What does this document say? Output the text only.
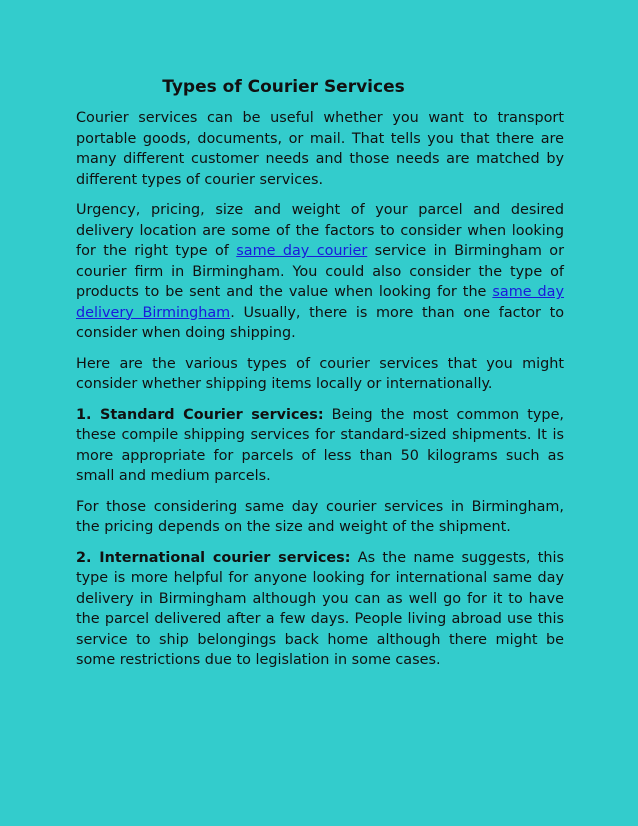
Types of Courier Services

Courier services can be useful whether you want to transport portable goods, documents, or mail. That tells you that there are many different customer needs and those needs are matched by different types of courier services.

Urgency, pricing, size and weight of your parcel and desired delivery location are some of the factors to consider when looking for the right type of same day courier service in Birmingham or courier firm in Birmingham. You could also consider the type of products to be sent and the value when looking for the same day delivery Birmingham. Usually, there is more than one factor to consider when doing shipping.

Here are the various types of courier services that you might consider whether shipping items locally or internationally.

1. Standard Courier services: Being the most common type, these compile shipping services for standard-sized shipments. It is more appropriate for parcels of less than 50 kilograms such as small and medium parcels.

For those considering same day courier services in Birmingham, the pricing depends on the size and weight of the shipment.

2. International courier services: As the name suggests, this type is more helpful for anyone looking for international same day delivery in Birmingham although you can as well go for it to have the parcel delivered after a few days. People living abroad use this service to ship belongings back home although there might be some restrictions due to legislation in some cases.
